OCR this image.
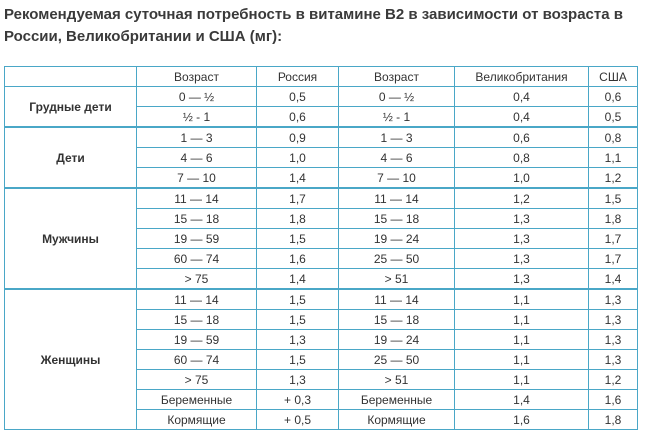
Рекомендуемая суточная потребность в витамине В2 в зависимости от возраста в России, Великобритании и США (мг):
	Возраст	Россия	Возраст	Великобритания	США
Грудные дети	0 — ½	0,5	0 — ½	0,4	0,6
	½ - 1	0,6	½ - 1	0,4	0,5
Дети	1 — 3	0,9	1 — 3	0,6	0,8
	4 — 6	1,0	4 — 6	0,8	1,1
	7 — 10	1,4	7 — 10	1,0	1,2
Мужчины	11 — 14	1,7	11 — 14	1,2	1,5
	15 — 18	1,8	15 — 18	1,3	1,8
	19 — 59	1,5	19 — 24	1,3	1,7
	60 — 74	1,6	25 — 50	1,3	1,7
	> 75	1,4	> 51	1,3	1,4
Женщины	11 — 14	1,5	11 — 14	1,1	1,3
	15 — 18	1,5	15 — 18	1,1	1,3
	19 — 59	1,3	19 — 24	1,1	1,3
	60 — 74	1,5	25 — 50	1,1	1,3
	> 75	1,3	> 51	1,1	1,2
	Беременные	+ 0,3	Беременные	1,4	1,6
	Кормящие	+ 0,5	Кормящие	1,6	1,8
